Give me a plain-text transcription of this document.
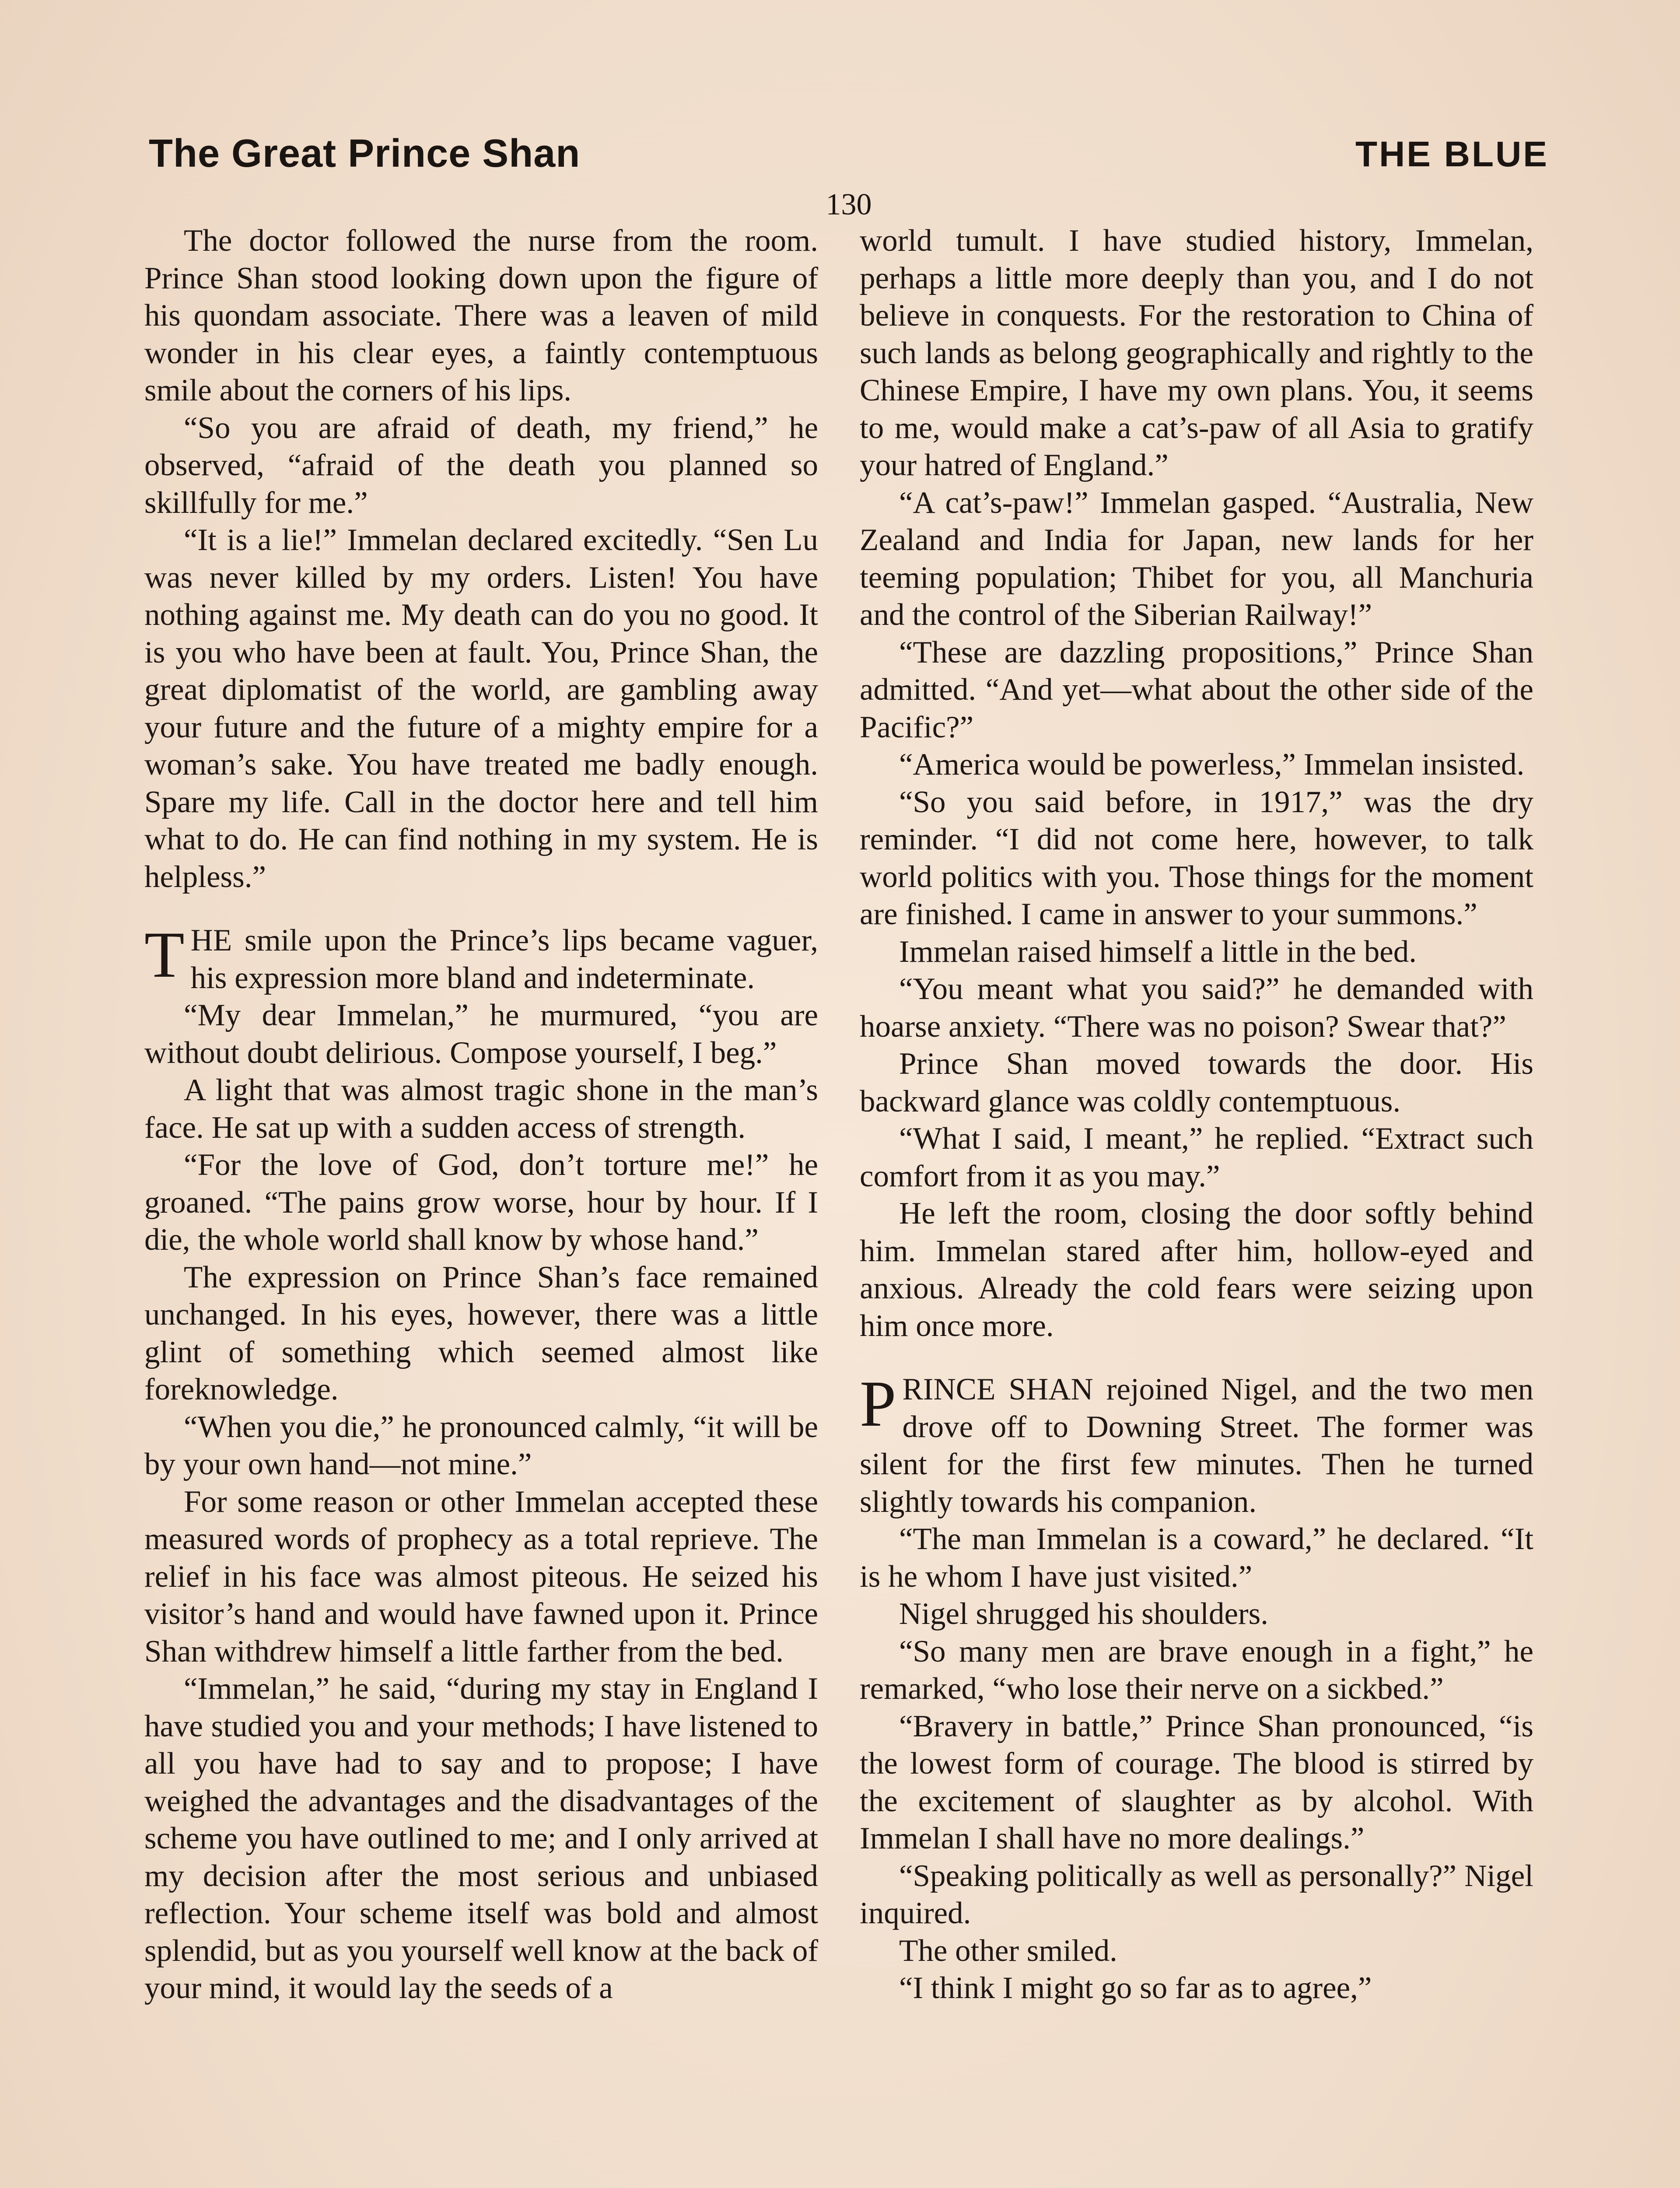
The Great Prince Shan	THE BLUE
130

The doctor followed the nurse from the room. Prince Shan stood looking down upon the figure of his quondam associate. There was a leaven of mild wonder in his clear eyes, a faintly contemptuous smile about the corners of his lips.

“So you are afraid of death, my friend,” he observed, “afraid of the death you planned so skillfully for me.”

“It is a lie!” Immelan declared excitedly. “Sen Lu was never killed by my orders. Listen! You have nothing against me. My death can do you no good. It is you who have been at fault. You, Prince Shan, the great diplomatist of the world, are gambling away your future and the future of a mighty empire for a woman’s sake. You have treated me badly enough. Spare my life. Call in the doctor here and tell him what to do. He can find nothing in my system. He is helpless.”

THE smile upon the Prince’s lips became vaguer, his expression more bland and indeterminate.

“My dear Immelan,” he murmured, “you are without doubt delirious. Compose yourself, I beg.”

A light that was almost tragic shone in the man’s face. He sat up with a sudden access of strength.

“For the love of God, don’t torture me!” he groaned. “The pains grow worse, hour by hour. If I die, the whole world shall know by whose hand.”

The expression on Prince Shan’s face remained unchanged. In his eyes, however, there was a little glint of something which seemed almost like foreknowledge.

“When you die,” he pronounced calmly, “it will be by your own hand—not mine.”

For some reason or other Immelan accepted these measured words of prophecy as a total reprieve. The relief in his face was almost piteous. He seized his visitor’s hand and would have fawned upon it. Prince Shan withdrew himself a little farther from the bed.

“Immelan,” he said, “during my stay in England I have studied you and your methods; I have listened to all you have had to say and to propose; I have weighed the advantages and the disadvantages of the scheme you have outlined to me; and I only arrived at my decision after the most serious and unbiased reflection. Your scheme itself was bold and almost splendid, but as you yourself well know at the back of your mind, it would lay the seeds of a

world tumult. I have studied history, Immelan, perhaps a little more deeply than you, and I do not believe in conquests. For the restoration to China of such lands as belong geographically and rightly to the Chinese Empire, I have my own plans. You, it seems to me, would make a cat’s-paw of all Asia to gratify your hatred of England.”

“A cat’s-paw!” Immelan gasped. “Australia, New Zealand and India for Japan, new lands for her teeming population; Thibet for you, all Manchuria and the control of the Siberian Railway!”

“These are dazzling propositions,” Prince Shan admitted. “And yet—what about the other side of the Pacific?”

“America would be powerless,” Immelan insisted.

“So you said before, in 1917,” was the dry reminder. “I did not come here, however, to talk world politics with you. Those things for the moment are finished. I came in answer to your summons.”

Immelan raised himself a little in the bed.

“You meant what you said?” he demanded with hoarse anxiety. “There was no poison? Swear that?”

Prince Shan moved towards the door. His backward glance was coldly contemptuous.

“What I said, I meant,” he replied. “Extract such comfort from it as you may.”

He left the room, closing the door softly behind him. Immelan stared after him, hollow-eyed and anxious. Already the cold fears were seizing upon him once more.

PRINCE SHAN rejoined Nigel, and the two men drove off to Downing Street. The former was silent for the first few minutes. Then he turned slightly towards his companion.

“The man Immelan is a coward,” he declared. “It is he whom I have just visited.”

Nigel shrugged his shoulders.

“So many men are brave enough in a fight,” he remarked, “who lose their nerve on a sickbed.”

“Bravery in battle,” Prince Shan pronounced, “is the lowest form of courage. The blood is stirred by the excitement of slaughter as by alcohol. With Immelan I shall have no more dealings.”

“Speaking politically as well as personally?” Nigel inquired.

The other smiled.

“I think I might go so far as to agree,”
